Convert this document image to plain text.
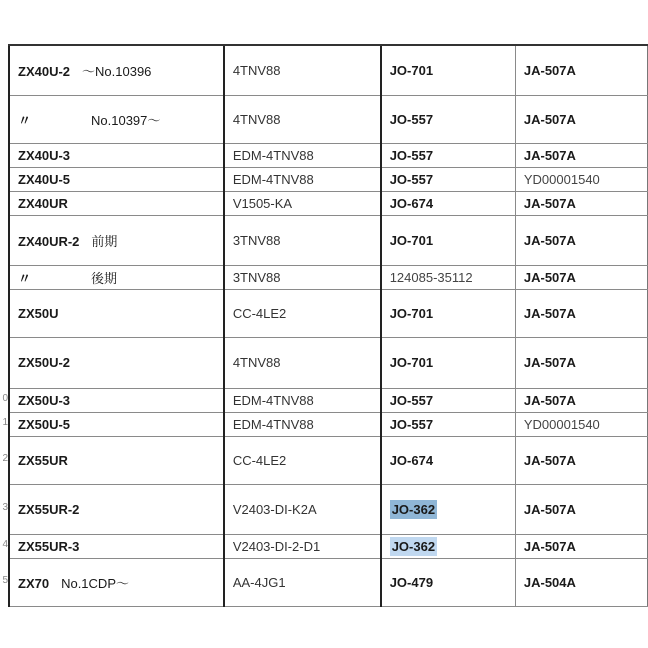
0
1
2
3
4
5
ZX40U-2 ～No.10396	4TNV88	JO-701	JA-507A
〃 No.10397～	4TNV88	JO-557	JA-507A
ZX40U-3	EDM-4TNV88	JO-557	JA-507A
ZX40U-5	EDM-4TNV88	JO-557	YD00001540
ZX40UR	V1505-KA	JO-674	JA-507A
ZX40UR-2 前期	3TNV88	JO-701	JA-507A
〃 後期	3TNV88	124085-35112	JA-507A
ZX50U	CC-4LE2	JO-701	JA-507A
ZX50U-2	4TNV88	JO-701	JA-507A
ZX50U-3	EDM-4TNV88	JO-557	JA-507A
ZX50U-5	EDM-4TNV88	JO-557	YD00001540
ZX55UR	CC-4LE2	JO-674	JA-507A
ZX55UR-2	V2403-DI-K2A	JO-362	JA-507A
ZX55UR-3	V2403-DI-2-D1	JO-362	JA-507A
ZX70 No.1CDP～	AA-4JG1	JO-479	JA-504A
